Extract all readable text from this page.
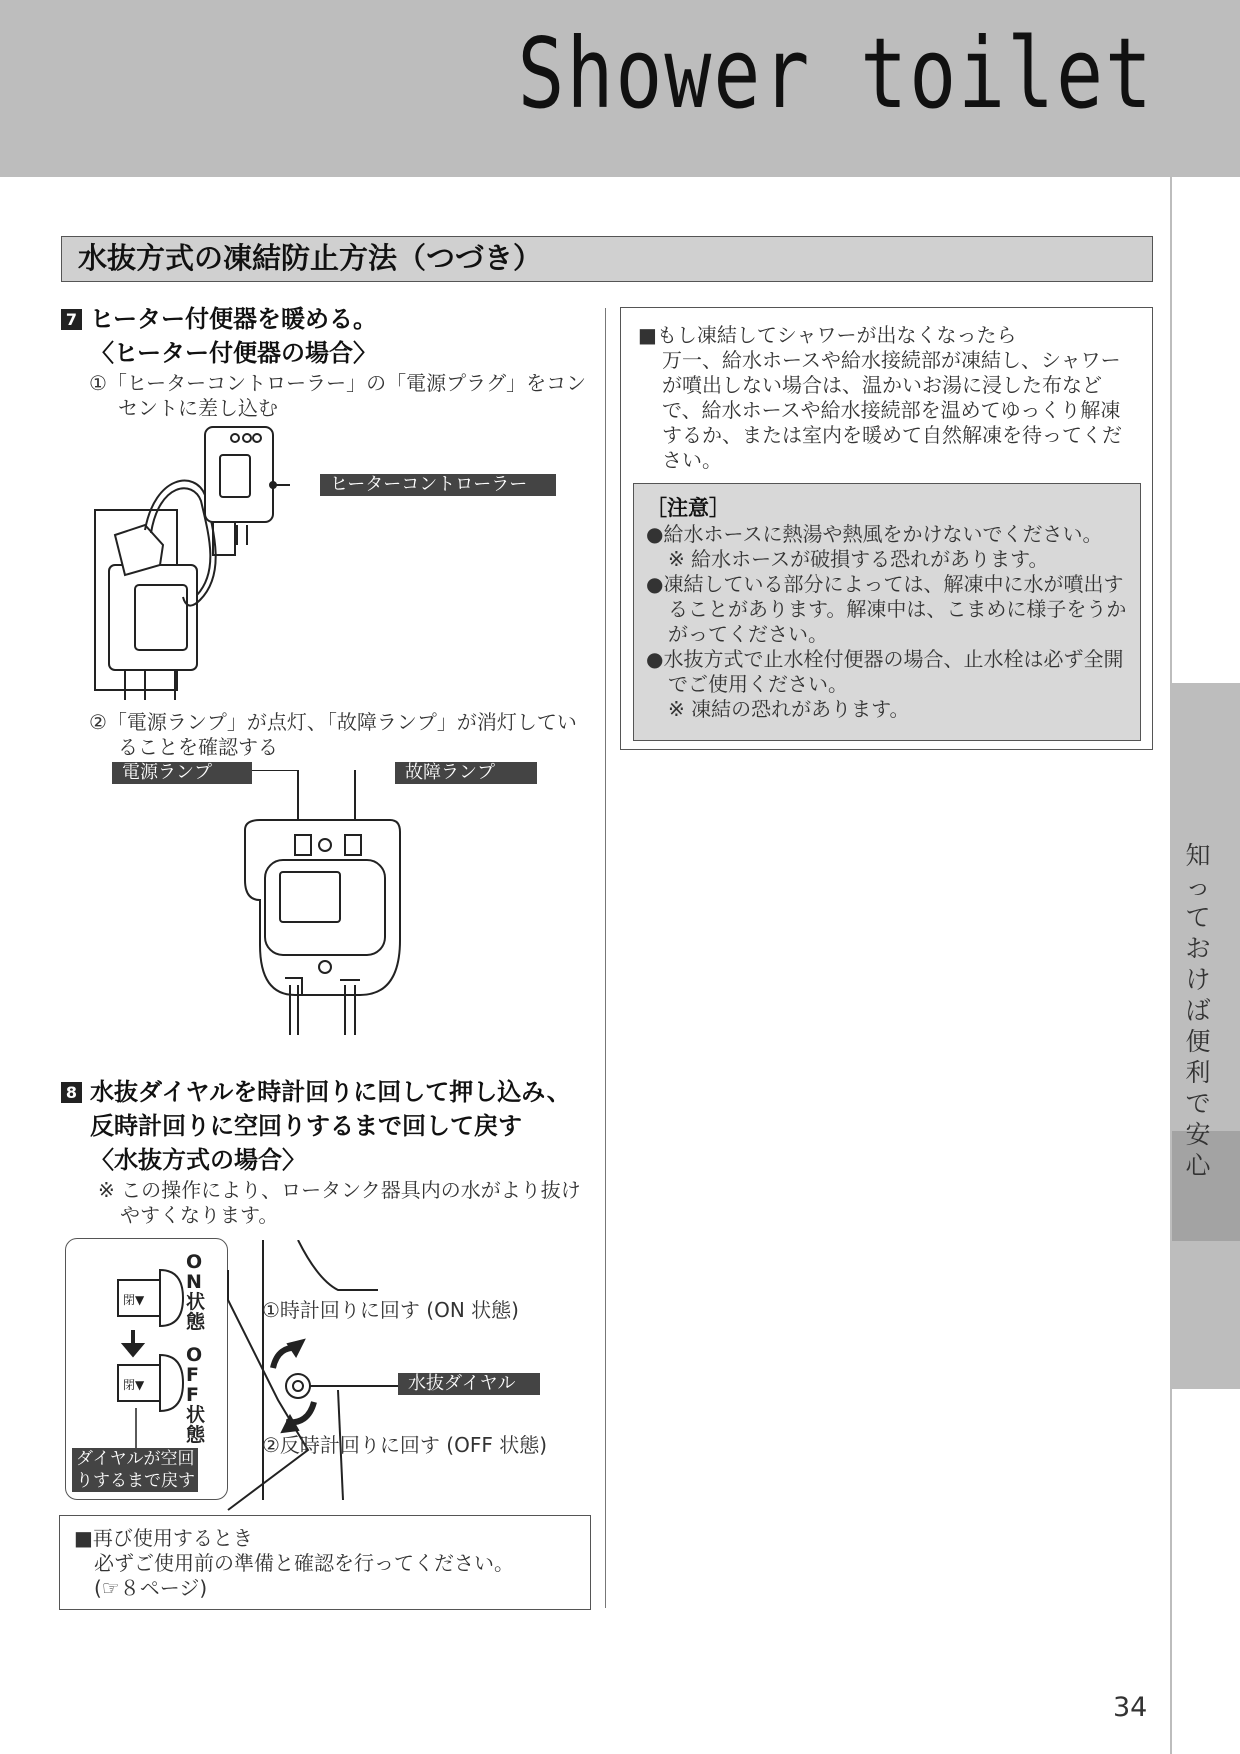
Shower toilet
知っておけば便利で安心
水抜方式の凍結防止方法（つづき）
7 ヒーター付便器を暖める。
〈ヒーター付便器の場合〉
①「ヒーターコントローラー」の「電源プラグ」をコンセントに差し込む
ヒーターコントローラー
②「電源ランプ」が点灯、「故障ランプ」が消灯していることを確認する
電源ランプ	故障ランプ
8 水抜ダイヤルを時計回りに回して押し込み、
反時計回りに空回りするまで回して戻す
〈水抜方式の場合〉
※ この操作により、ロータンク器具内の水がより抜けやすくなります。
閉▼
閉▼
ON状態
OFF状態
ダイヤルが空回
りするまで戻す
①時計回りに回す (ON 状態)
水抜ダイヤル
②反時計回りに回す (OFF 状態)
■再び使用するとき
必ずご使用前の準備と確認を行ってください。
(☞８ページ)
■もし凍結してシャワーが出なくなったら
万一、給水ホースや給水接続部が凍結し、シャワーが噴出しない場合は、温かいお湯に浸した布などで、給水ホースや給水接続部を温めてゆっくり解凍するか、または室内を暖めて自然解凍を待ってください。
［注意］
●給水ホースに熱湯や熱風をかけないでください。
※ 給水ホースが破損する恐れがあります。
●凍結している部分によっては、解凍中に水が噴出することがあります。解凍中は、こまめに様子をうかがってください。
●水抜方式で止水栓付便器の場合、止水栓は必ず全開でご使用ください。
※ 凍結の恐れがあります。
34
